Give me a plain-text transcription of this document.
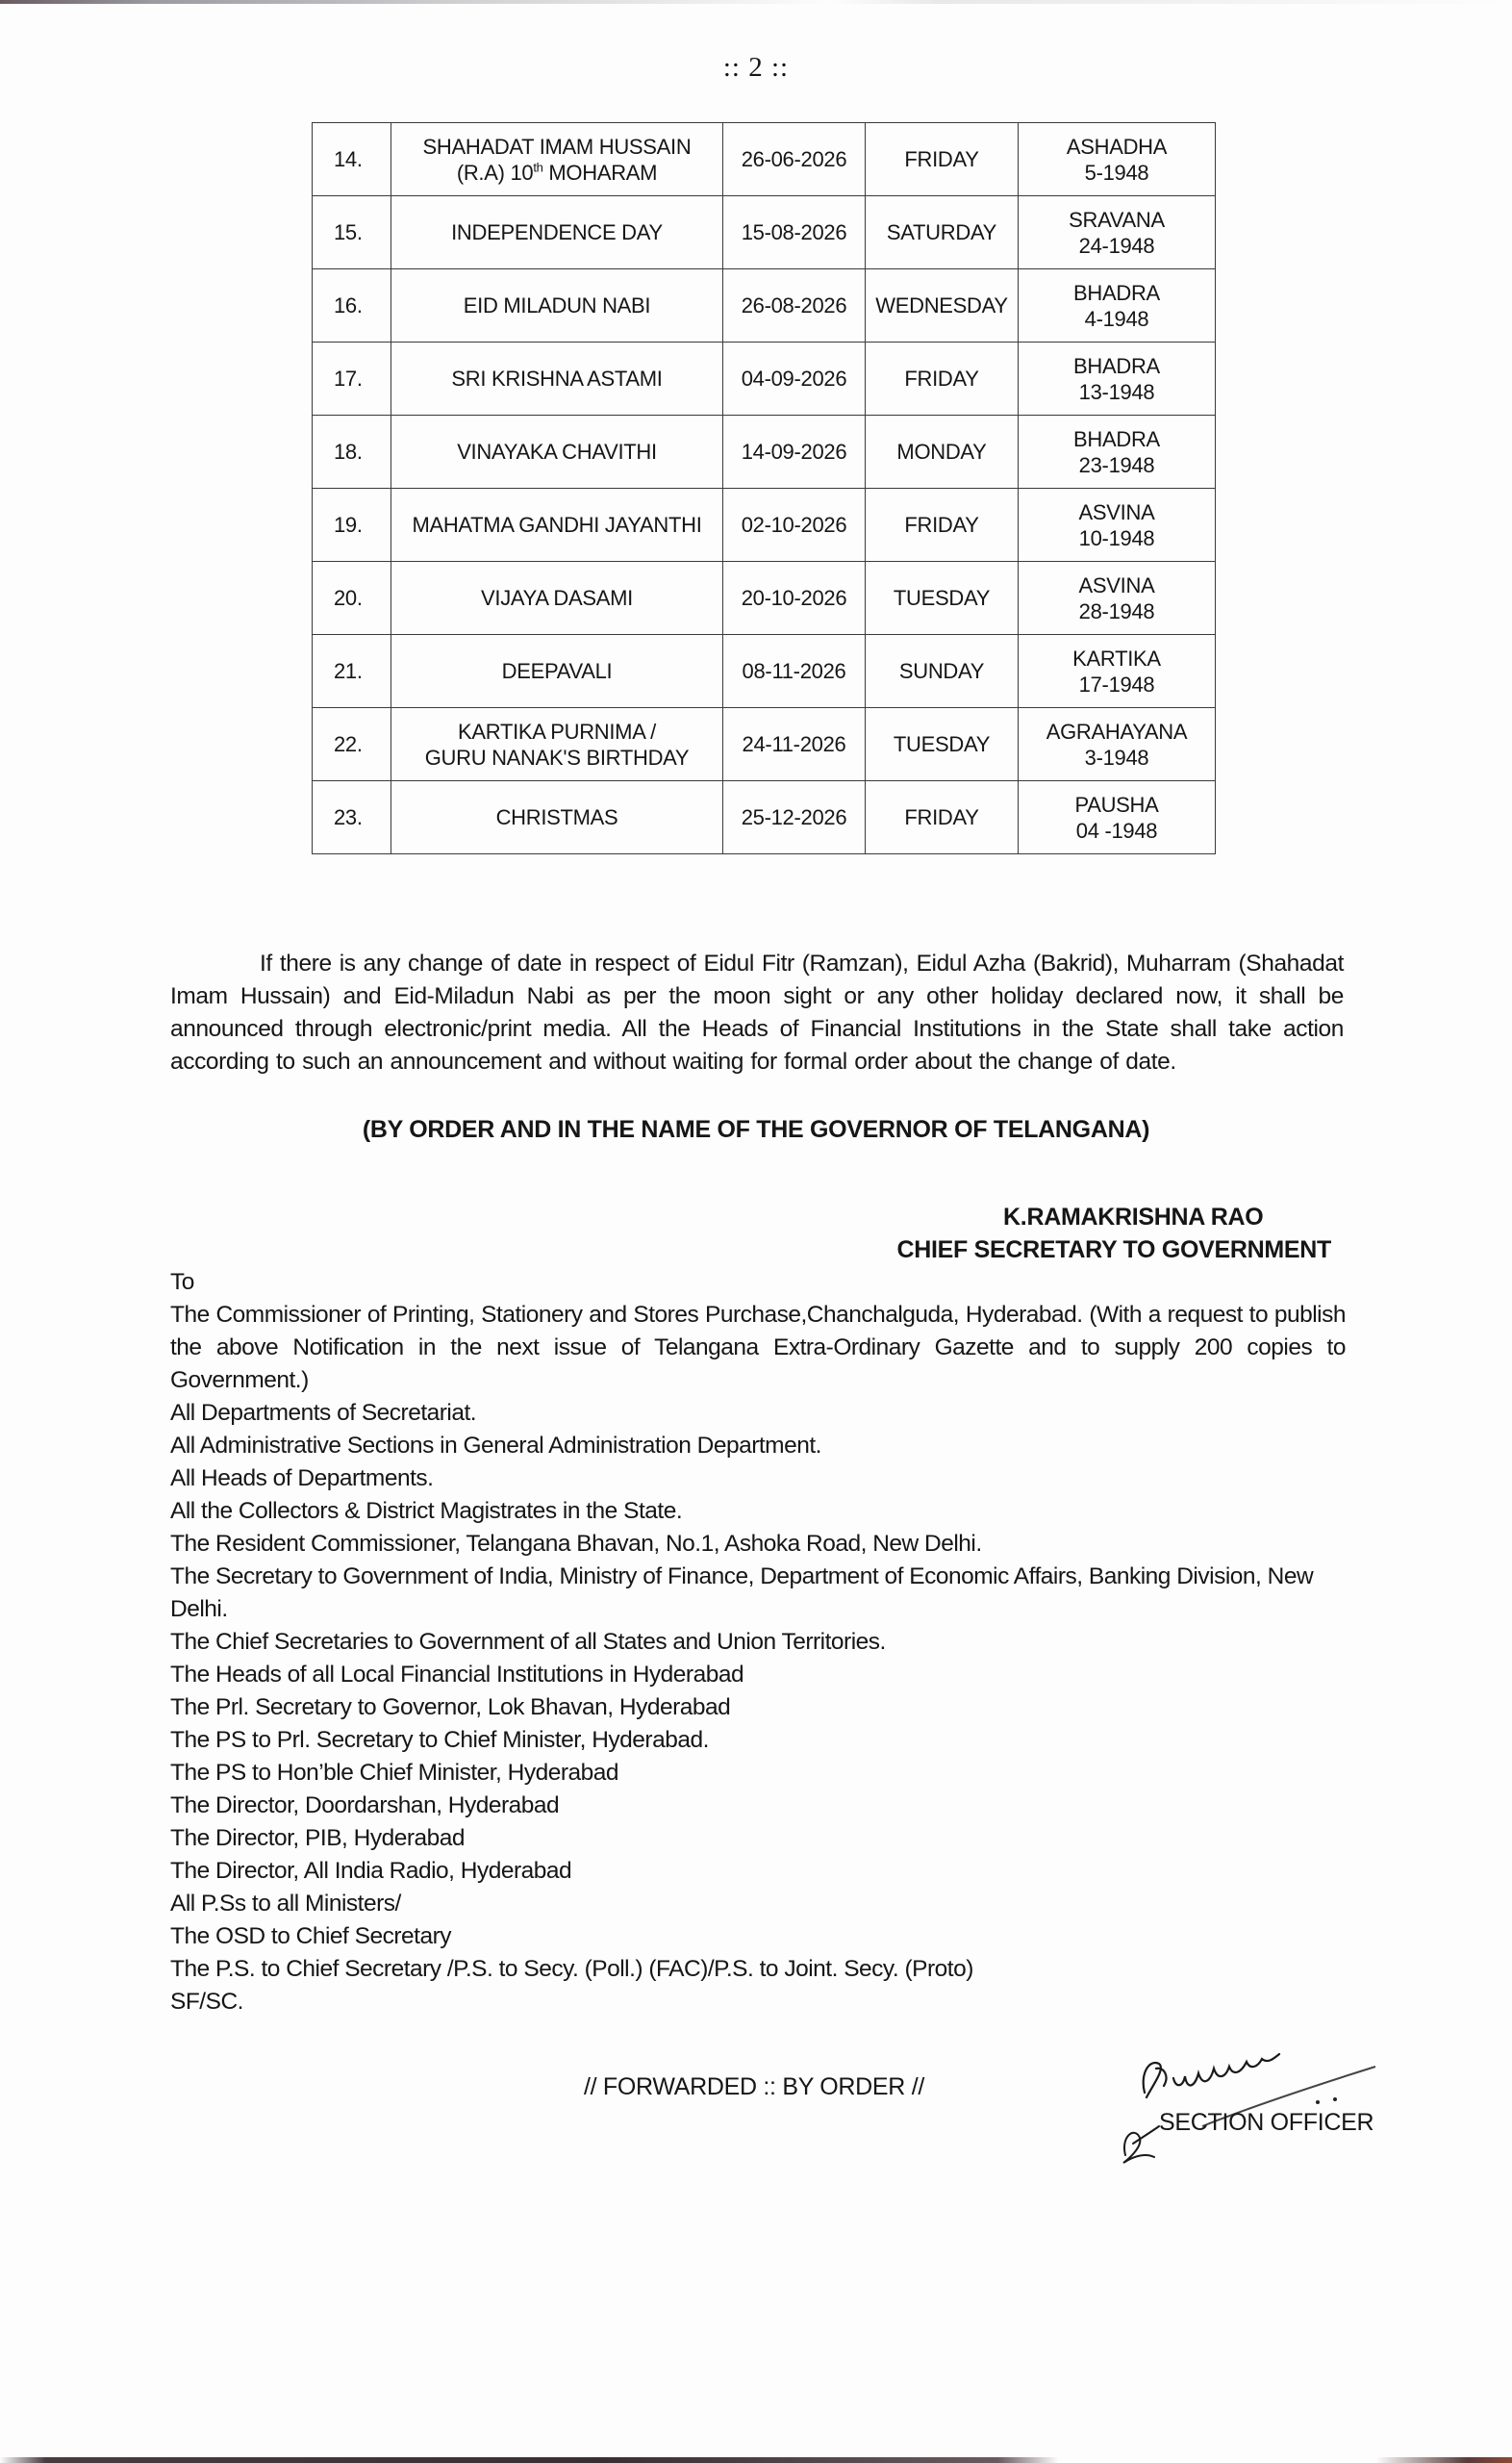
:: 2 ::
14.	SHAHADAT IMAM HUSSAIN
(R.A) 10th MOHARAM	26-06-2026	FRIDAY	ASHADHA
5-1948
15.	INDEPENDENCE DAY	15-08-2026	SATURDAY	SRAVANA
24-1948
16.	EID MILADUN NABI	26-08-2026	WEDNESDAY	BHADRA
4-1948
17.	SRI KRISHNA ASTAMI	04-09-2026	FRIDAY	BHADRA
13-1948
18.	VINAYAKA CHAVITHI	14-09-2026	MONDAY	BHADRA
23-1948
19.	MAHATMA GANDHI JAYANTHI	02-10-2026	FRIDAY	ASVINA
10-1948
20.	VIJAYA DASAMI	20-10-2026	TUESDAY	ASVINA
28-1948
21.	DEEPAVALI	08-11-2026	SUNDAY	KARTIKA
17-1948
22.	KARTIKA PURNIMA /
GURU NANAK'S BIRTHDAY	24-11-2026	TUESDAY	AGRAHAYANA
3-1948
23.	CHRISTMAS	25-12-2026	FRIDAY	PAUSHA
04 -1948
If there is any change of date in respect of Eidul Fitr (Ramzan), Eidul Azha (Bakrid), Muharram (Shahadat Imam Hussain) and Eid-Miladun Nabi as per the moon sight or any other holiday declared now, it shall be announced through electronic/print media. All the Heads of Financial Institutions in the State shall take action according to such an announcement and without waiting for formal order about the change of date.
(BY ORDER AND IN THE NAME OF THE GOVERNOR OF TELANGANA)
K.RAMAKRISHNA RAO
CHIEF SECRETARY TO GOVERNMENT
To
The Commissioner of Printing, Stationery and Stores Purchase,Chanchalguda, Hyderabad. (With a request to publish the above Notification in the next issue of Telangana Extra-Ordinary Gazette and to supply 200 copies to Government.)
All Departments of Secretariat.
All Administrative Sections in General Administration Department.
All Heads of Departments.
All the Collectors & District Magistrates in the State.
The Resident Commissioner, Telangana Bhavan, No.1, Ashoka Road, New Delhi.
The Secretary to Government of India, Ministry of Finance, Department of Economic Affairs, Banking Division, New Delhi.
The Chief Secretaries to Government of all States and Union Territories.
The Heads of all Local Financial Institutions in Hyderabad
The Prl. Secretary to Governor, Lok Bhavan, Hyderabad
The PS to Prl. Secretary to Chief Minister, Hyderabad.
The PS to Hon’ble Chief Minister, Hyderabad
The Director, Doordarshan, Hyderabad
The Director, PIB, Hyderabad
The Director, All India Radio, Hyderabad
All P.Ss to all Ministers/
The OSD to Chief Secretary
The P.S. to Chief Secretary /P.S. to Secy. (Poll.) (FAC)/P.S. to Joint. Secy. (Proto)
SF/SC.
// FORWARDED :: BY ORDER //
SECTION OFFICER
